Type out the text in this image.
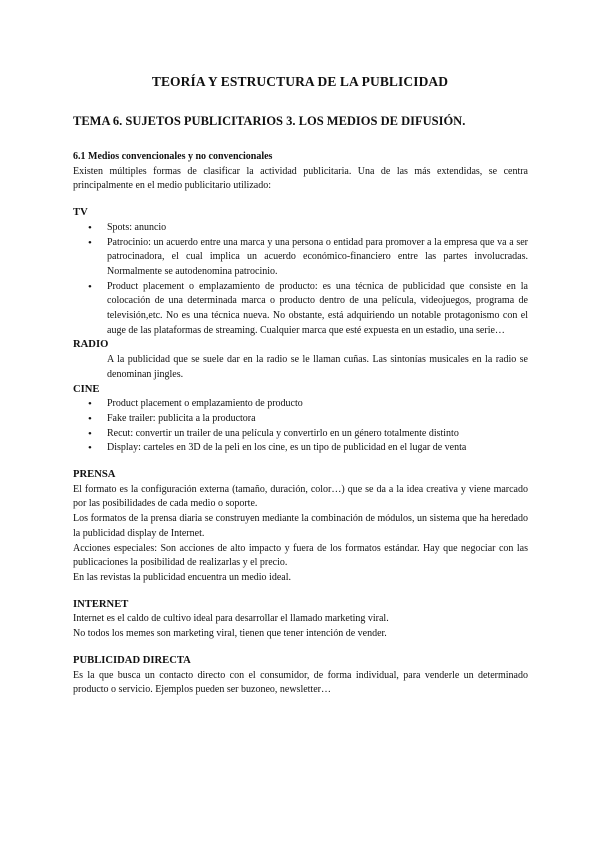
TEORÍA Y ESTRUCTURA DE LA PUBLICIDAD
TEMA 6. SUJETOS PUBLICITARIOS 3. LOS MEDIOS DE DIFUSIÓN.

6.1 Medios convencionales y no convencionales

Existen múltiples formas de clasificar la actividad publicitaria. Una de las más extendidas, se centra principalmente en el medio publicitario utilizado:

TV

• Spots: anuncio
• Patrocinio: un acuerdo entre una marca y una persona o entidad para promover a la empresa que va a ser patrocinadora, el cual implica un acuerdo económico-financiero entre las partes involucradas. Normalmente se autodenomina patrocinio.
• Product placement o emplazamiento de producto: es una técnica de publicidad que consiste en la colocación de una determinada marca o producto dentro de una película, videojuegos, programa de televisión,etc. No es una técnica nueva. No obstante, está adquiriendo un notable protagonismo con el auge de las plataformas de streaming. Cualquier marca que esté expuesta en un estadio, una serie…

RADIO

A la publicidad que se suele dar en la radio se le llaman cuñas. Las sintonías musicales en la radio se denominan jingles.

CINE

• Product placement o emplazamiento de producto
• Fake trailer: publicita a la productora
• Recut: convertir un trailer de una película y convertirlo en un género totalmente distinto
• Display: carteles en 3D de la peli en los cine, es un tipo de publicidad en el lugar de venta

PRENSA

El formato es la configuración externa (tamaño, duración, color…) que se da a la idea creativa y viene marcado por las posibilidades de cada medio o soporte.

Los formatos de la prensa diaria se construyen mediante la combinación de módulos, un sistema que ha heredado la publicidad display de Internet.

Acciones especiales: Son acciones de alto impacto y fuera de los formatos estándar. Hay que negociar con las publicaciones la posibilidad de realizarlas y el precio.

En las revistas la publicidad encuentra un medio ideal.

INTERNET

Internet es el caldo de cultivo ideal para desarrollar el llamado marketing viral.

No todos los memes son marketing viral, tienen que tener intención de vender.

PUBLICIDAD DIRECTA

Es la que busca un contacto directo con el consumidor, de forma individual, para venderle un determinado producto o servicio. Ejemplos pueden ser buzoneo, newsletter…
